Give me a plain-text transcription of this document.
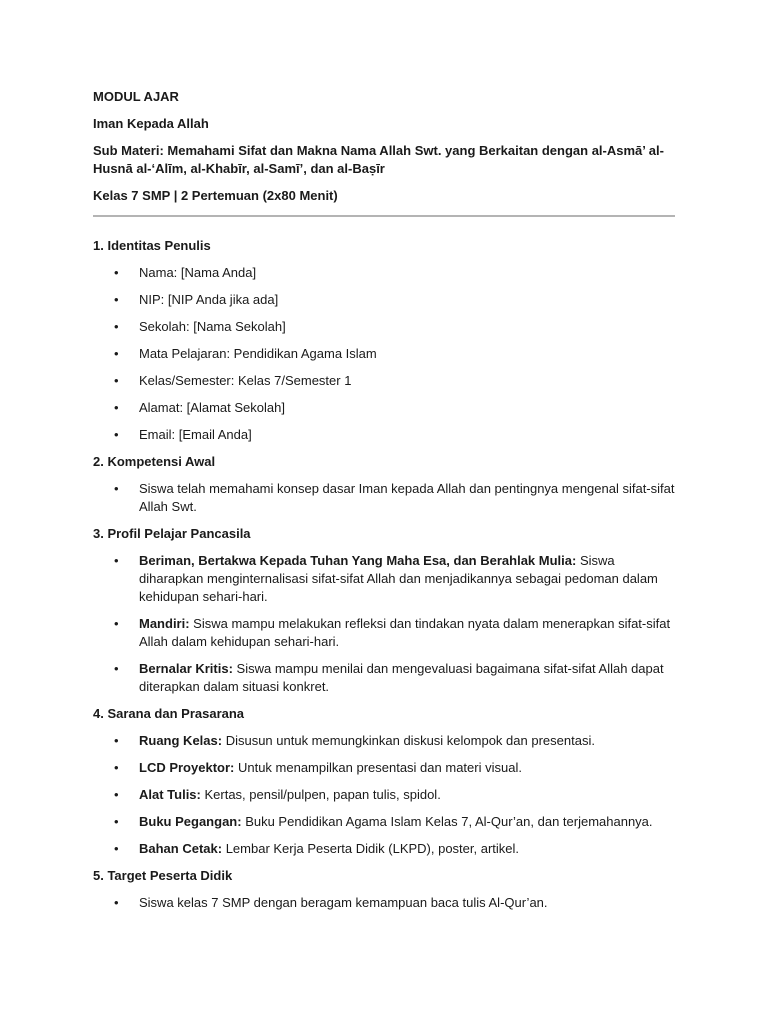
MODUL AJAR

Iman Kepada Allah

Sub Materi: Memahami Sifat dan Makna Nama Allah Swt. yang Berkaitan dengan al-Asmā’ al-Husnā al-‘Alīm, al-Khabīr, al-Samī’, dan al-Baṣīr

Kelas 7 SMP | 2 Pertemuan (2x80 Menit)

1. Identitas Penulis

• Nama: [Nama Anda]
• NIP: [NIP Anda jika ada]
• Sekolah: [Nama Sekolah]
• Mata Pelajaran: Pendidikan Agama Islam
• Kelas/Semester: Kelas 7/Semester 1
• Alamat: [Alamat Sekolah]
• Email: [Email Anda]

2. Kompetensi Awal

• Siswa telah memahami konsep dasar Iman kepada Allah dan pentingnya mengenal sifat-sifat Allah Swt.

3. Profil Pelajar Pancasila

• Beriman, Bertakwa Kepada Tuhan Yang Maha Esa, dan Berahlak Mulia: Siswa diharapkan menginternalisasi sifat-sifat Allah dan menjadikannya sebagai pedoman dalam kehidupan sehari-hari.
• Mandiri: Siswa mampu melakukan refleksi dan tindakan nyata dalam menerapkan sifat-sifat Allah dalam kehidupan sehari-hari.
• Bernalar Kritis: Siswa mampu menilai dan mengevaluasi bagaimana sifat-sifat Allah dapat diterapkan dalam situasi konkret.

4. Sarana dan Prasarana

• Ruang Kelas: Disusun untuk memungkinkan diskusi kelompok dan presentasi.
• LCD Proyektor: Untuk menampilkan presentasi dan materi visual.
• Alat Tulis: Kertas, pensil/pulpen, papan tulis, spidol.
• Buku Pegangan: Buku Pendidikan Agama Islam Kelas 7, Al-Qur’an, dan terjemahannya.
• Bahan Cetak: Lembar Kerja Peserta Didik (LKPD), poster, artikel.

5. Target Peserta Didik

• Siswa kelas 7 SMP dengan beragam kemampuan baca tulis Al-Qur’an.
